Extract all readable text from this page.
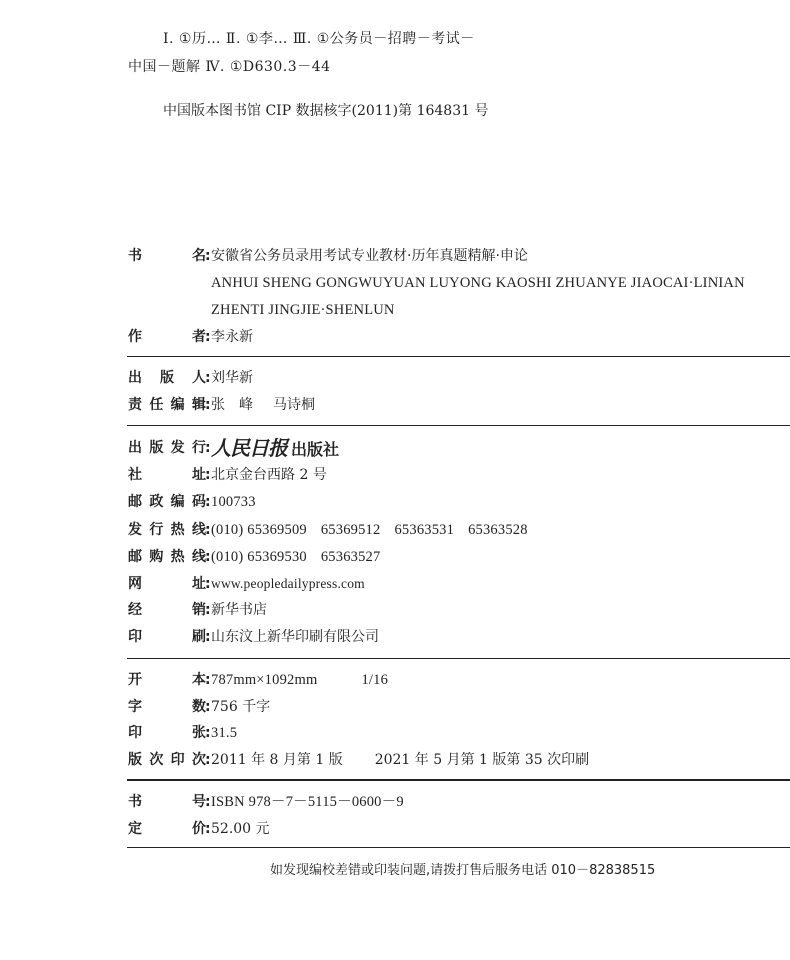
Ⅰ. ①历… Ⅱ. ①李… Ⅲ. ①公务员－招聘－考试－
中国－题解 Ⅳ. ①D630.3－44
中国版本图书馆 CIP 数据核字(2011)第 164831 号
书	名 : 安徽省公务员录用考试专业教材·历年真题精解·申论
ANHUI SHENG GONGWUYUAN LUYONG KAOSHI ZHUANYE JIAOCAI·LINIAN
ZHENTI JINGJIE·SHENLUN
作	者 : 李永新
出 版 人 : 刘华新
责 任 编 辑 : 张　峰 马诗桐
出 版 发 行 : 人民日报 出版社
社	址 : 北京金台西路 2 号
邮 政 编 码 : 100733
发 行 热 线 : (010) 65369509 65369512 65363531 65363528
邮 购 热 线 : (010) 65369530 65363527
网	址 : www.peopledailypress.com
经	销 : 新华书店
印	刷 : 山东汶上新华印刷有限公司
开	本 : 787mm×1092mm	1/16
字	数 : 756 千字
印	张 : 31.5
版 次 印 次 : 2011 年 8 月第 1 版 2021 年 5 月第 1 版第 35 次印刷
书	号 : ISBN 978－7－5115－0600－9
定	价 : 52.00 元
如发现编校差错或印装问题,请拨打售后服务电话 010－82838515
